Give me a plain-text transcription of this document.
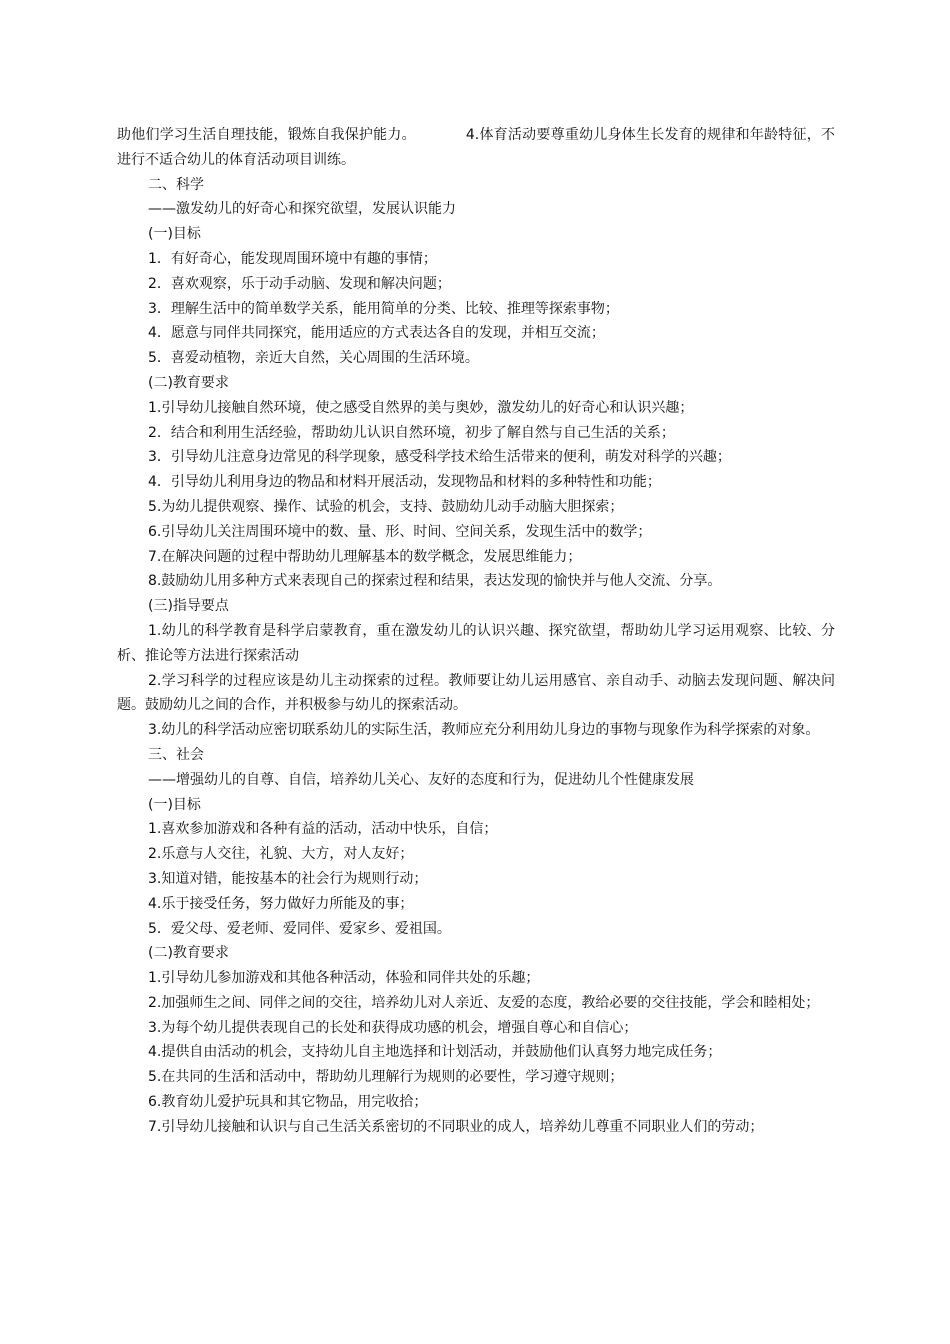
助他们学习生活自理技能，锻炼自我保护能力。	4.体育活动要尊重幼儿身体生长发育的规律和年龄特征，不进行不适合幼儿的体育活动项目训练。

二、科学

——激发幼儿的好奇心和探究欲望，发展认识能力

(一)目标

1．有好奇心，能发现周围环境中有趣的事情；

2．喜欢观察，乐于动手动脑、发现和解决问题；

3．理解生活中的简单数学关系，能用简单的分类、比较、推理等探索事物；

4．愿意与同伴共同探究，能用适应的方式表达各自的发现，并相互交流；

5．喜爱动植物，亲近大自然，关心周围的生活环境。

(二)教育要求

1.引导幼儿接触自然环境，使之感受自然界的美与奥妙，激发幼儿的好奇心和认识兴趣；

2．结合和利用生活经验，帮助幼儿认识自然环境，初步了解自然与自己生活的关系；

3．引导幼儿注意身边常见的科学现象，感受科学技术给生活带来的便利，萌发对科学的兴趣；

4．引导幼儿利用身边的物品和材料开展活动，发现物品和材料的多种特性和功能；

5.为幼儿提供观察、操作、试验的机会，支持、鼓励幼儿动手动脑大胆探索；

6.引导幼儿关注周围环境中的数、量、形、时间、空间关系，发现生活中的数学；

7.在解决问题的过程中帮助幼儿理解基本的数学概念，发展思维能力；

8.鼓励幼儿用多种方式来表现自己的探索过程和结果，表达发现的愉快并与他人交流、分享。

(三)指导要点

1.幼儿的科学教育是科学启蒙教育，重在激发幼儿的认识兴趣、探究欲望，帮助幼儿学习运用观察、比较、分析、推论等方法进行探索活动

2.学习科学的过程应该是幼儿主动探索的过程。教师要让幼儿运用感官、亲自动手、动脑去发现问题、解决问题。鼓励幼儿之间的合作，并积极参与幼儿的探索活动。

3.幼儿的科学活动应密切联系幼儿的实际生活，教师应充分利用幼儿身边的事物与现象作为科学探索的对象。

三、社会

——增强幼儿的自尊、自信，培养幼儿关心、友好的态度和行为，促进幼儿个性健康发展

(一)目标

1.喜欢参加游戏和各种有益的活动，活动中快乐，自信；

2.乐意与人交往，礼貌、大方，对人友好；

3.知道对错，能按基本的社会行为规则行动；

4.乐于接受任务，努力做好力所能及的事；

5．爱父母、爱老师、爱同伴、爱家乡、爱祖国。

(二)教育要求

1.引导幼儿参加游戏和其他各种活动，体验和同伴共处的乐趣；

2.加强师生之间、同伴之间的交往，培养幼儿对人亲近、友爱的态度，教给必要的交往技能，学会和睦相处；

3.为每个幼儿提供表现自己的长处和获得成功感的机会，增强自尊心和自信心；

4.提供自由活动的机会，支持幼儿自主地选择和计划活动，并鼓励他们认真努力地完成任务；

5.在共同的生活和活动中，帮助幼儿理解行为规则的必要性，学习遵守规则；

6.教育幼儿爱护玩具和其它物品，用完收拾；

7.引导幼儿接触和认识与自己生活关系密切的不同职业的成人，培养幼儿尊重不同职业人们的劳动；
